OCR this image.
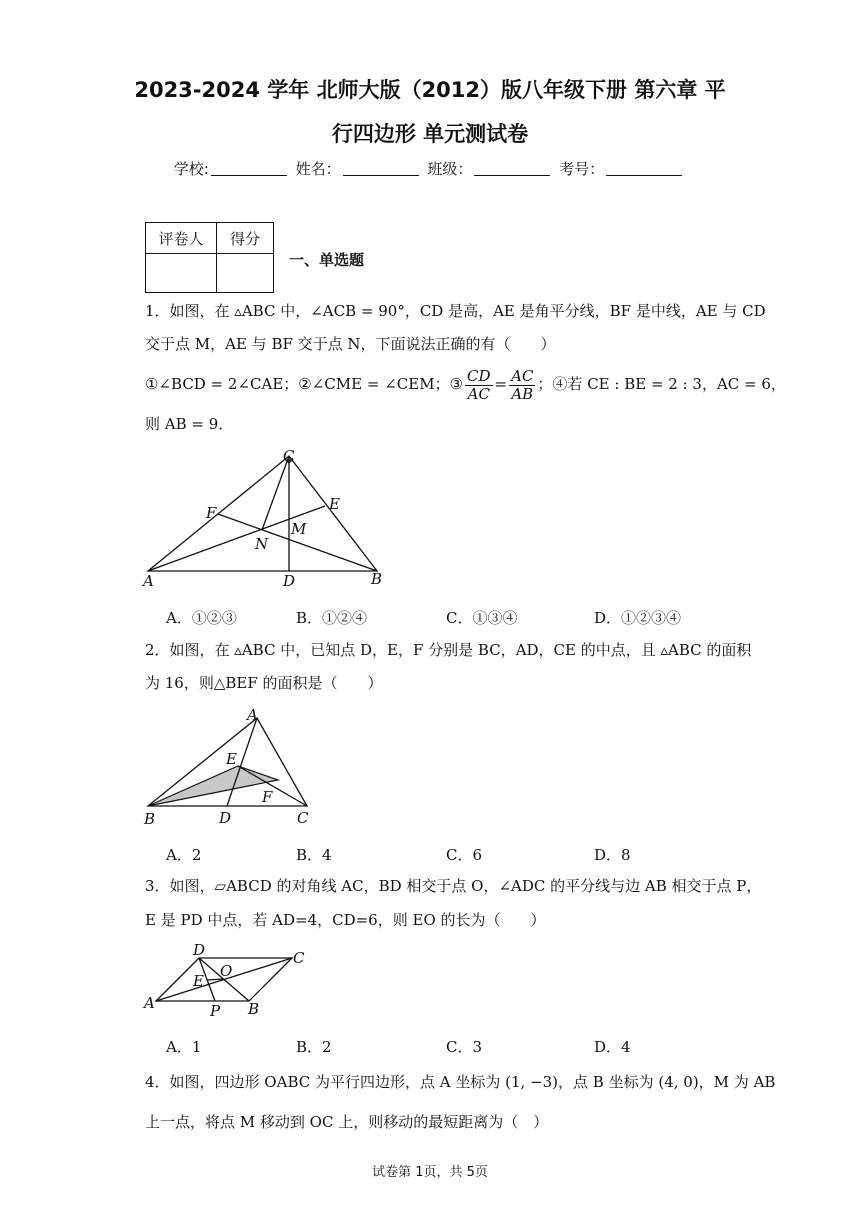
2023-2024 学年 北师大版（2012）版八年级下册 第六章 平
行四边形 单元测试卷
学校:	姓名：	班级：	考号：
评卷人	得分

一、单选题
1．如图，在 ▵ABC 中，∠ACB = 90°，CD 是高，AE 是角平分线，BF 是中线，AE 与 CD
交于点 M，AE 与 BF 交于点 N，下面说法正确的有（　　）
①∠BCD = 2∠CAE；②∠CME = ∠CEM；③ $\frac{CD}{AC} = \frac{AC}{AB}$ ；④若 CE : BE = 2 : 3，AC = 6，
则 AB = 9．
C
F	E
M
N
A	D	B
A．①②③	B．①②④	C．①③④	D．①②③④
2．如图，在 ▵ABC 中，已知点 D，E，F 分别是 BC，AD，CE 的中点，且 ▵ABC 的面积
为 16，则△BEF 的面积是（　　）
A
E
F
B	D	C
A．2	B．4	C．6	D．8
3．如图，▱ABCD 的对角线 AC，BD 相交于点 O，∠ADC 的平分线与边 AB 相交于点 P，
E 是 PD 中点，若 AD=4，CD=6，则 EO 的长为（　　）
D	C
O
E
A	P B
A．1	B．2	C．3	D．4
4．如图，四边形 OABC 为平行四边形，点 A 坐标为 (1, −3)，点 B 坐标为 (4, 0)，M 为 AB
上一点，将点 M 移动到 OC 上，则移动的最短距离为（　）
试卷第 1页，共 5页
